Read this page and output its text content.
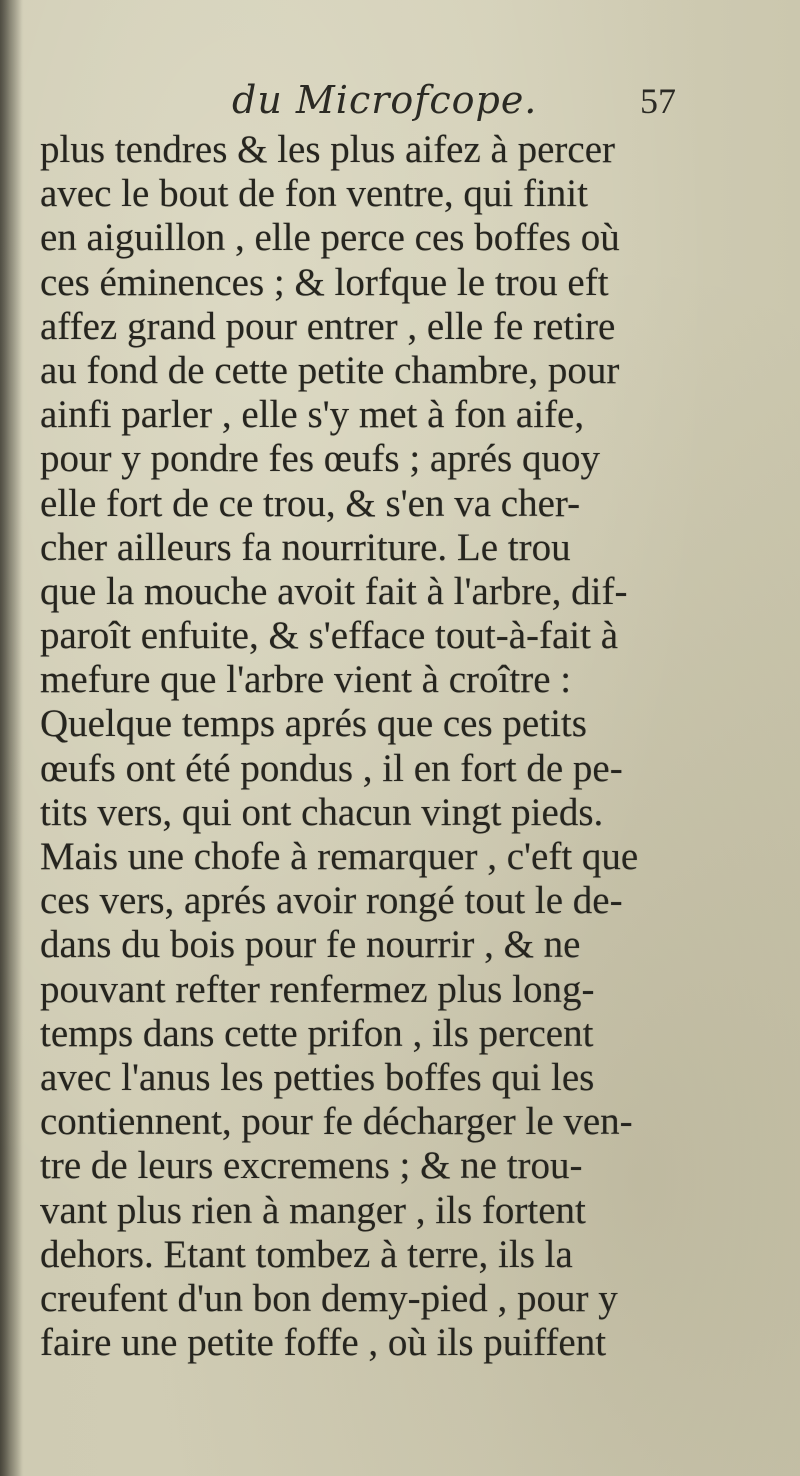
du Microfcope.	57
plus tendres & les plus aifez à percer
avec le bout de fon ventre, qui finit
en aiguillon , elle perce ces boffes où
ces éminences ; & lorfque le trou eft
affez grand pour entrer , elle fe retire
au fond de cette petite chambre, pour
ainfi parler , elle s'y met à fon aife,
pour y pondre fes œufs ; aprés quoy
elle fort de ce trou, & s'en va cher-
cher ailleurs fa nourriture. Le trou
que la mouche avoit fait à l'arbre, dif-
paroît enfuite, & s'efface tout-à-fait à
mefure que l'arbre vient à croître :
Quelque temps aprés que ces petits
œufs ont été pondus , il en fort de pe-
tits vers, qui ont chacun vingt pieds.
Mais une chofe à remarquer , c'eft que
ces vers, aprés avoir rongé tout le de-
dans du bois pour fe nourrir , & ne
pouvant refter renfermez plus long-
temps dans cette prifon , ils percent
avec l'anus les petties boffes qui les
contiennent, pour fe décharger le ven-
tre de leurs excremens ; & ne trou-
vant plus rien à manger , ils fortent
dehors. Etant tombez à terre, ils la
creufent d'un bon demy-pied , pour y
faire une petite foffe , où ils puiffent
